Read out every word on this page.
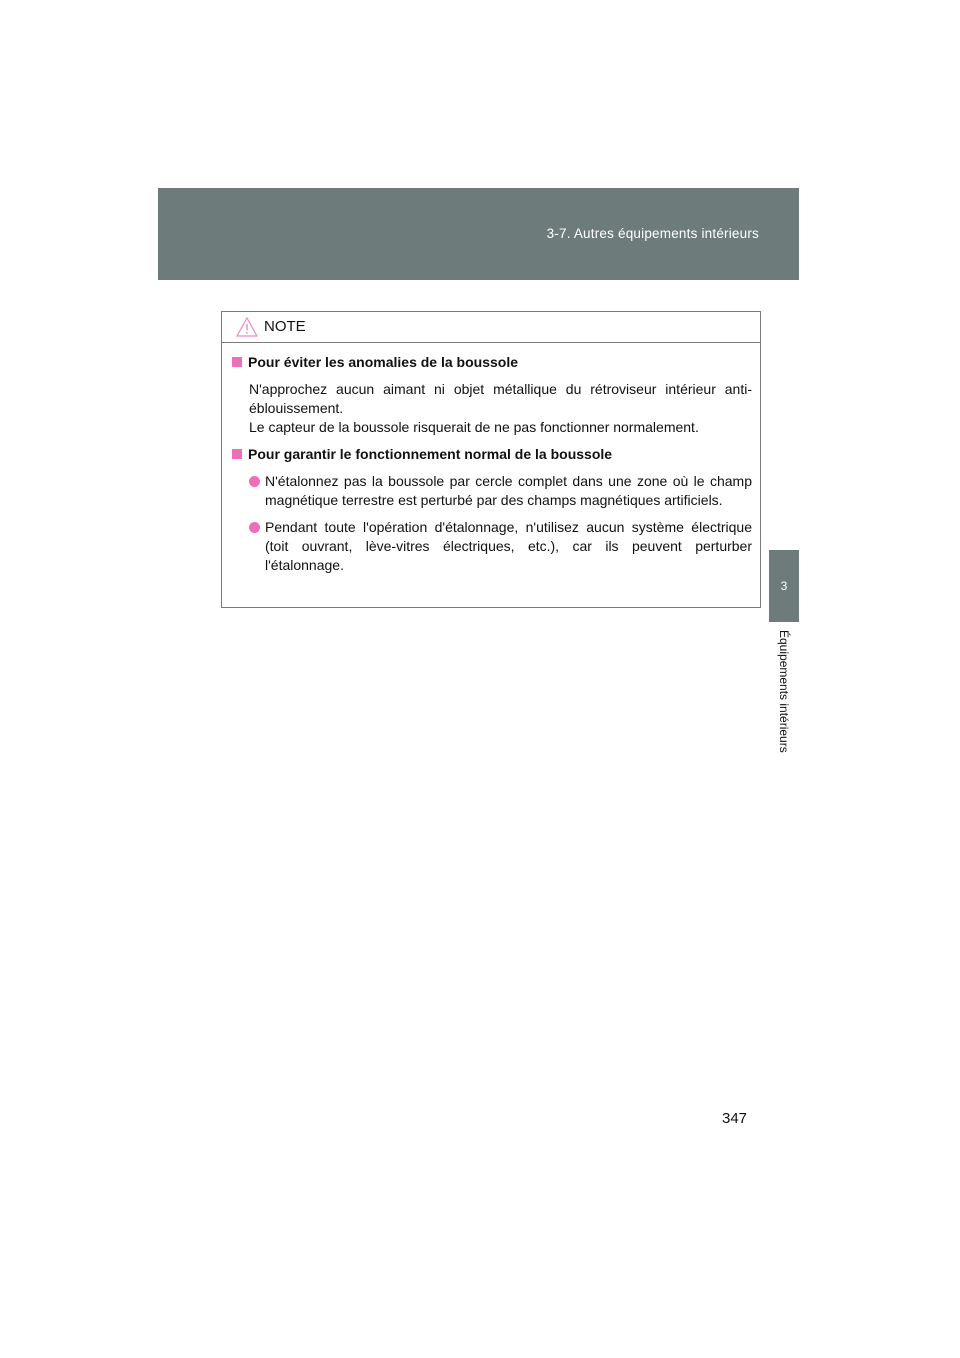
3-7. Autres équipements intérieurs
3
Équipements intérieurs
NOTE
Pour éviter les anomalies de la boussole
N'approchez aucun aimant ni objet métallique du rétroviseur intérieur anti-éblouissement.
Le capteur de la boussole risquerait de ne pas fonctionner normalement.
Pour garantir le fonctionnement normal de la boussole
N'étalonnez pas la boussole par cercle complet dans une zone où le champ magnétique terrestre est perturbé par des champs magnétiques artificiels.
Pendant toute l'opération d'étalonnage, n'utilisez aucun système électrique (toit ouvrant, lève-vitres électriques, etc.), car ils peuvent perturber l'étalonnage.
347
